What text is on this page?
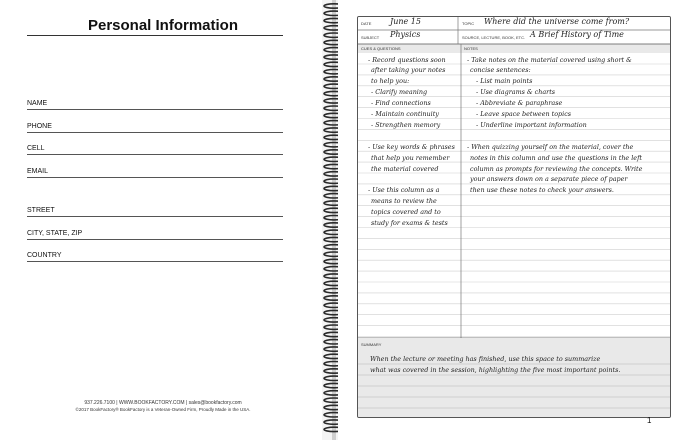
Personal Information
NAME
PHONE
CELL
EMAIL
STREET
CITY, STATE, ZIP
COUNTRY
937.226.7100 | WWW.BOOKFACTORY.COM | sales@bookfactory.com
©2017 BookFactory® BookFactory is a Veteran-Owned Firm, Proudly Made in the USA.
DATE June 15	TOPIC Where did the universe come from?
SUBJECT Physics	SOURCE, LECTURE, BOOK, ETC. A Brief History of Time
CUES & QUESTIONS	NOTES
- Record questions soon
after taking your notes
to help you:
- Clarify meaning
- Find connections
- Maintain continuity
- Strengthen memory
- Use key words & phrases
that help you remember
the material covered
- Use this column as a
means to review the
topics covered and to
study for exams & tests
- Take notes on the material covered using short &
concise sentences:
- List main points
- Use diagrams & charts
- Abbreviate & paraphrase
- Leave space between topics
- Underline important information
- When quizzing yourself on the material, cover the
notes in this column and use the questions in the left
column as prompts for reviewing the concepts. Write
your answers down on a separate piece of paper
then use these notes to check your answers.
SUMMARY
When the lecture or meeting has finished, use this space to summarize
what was covered in the session, highlighting the five most important points.
1
